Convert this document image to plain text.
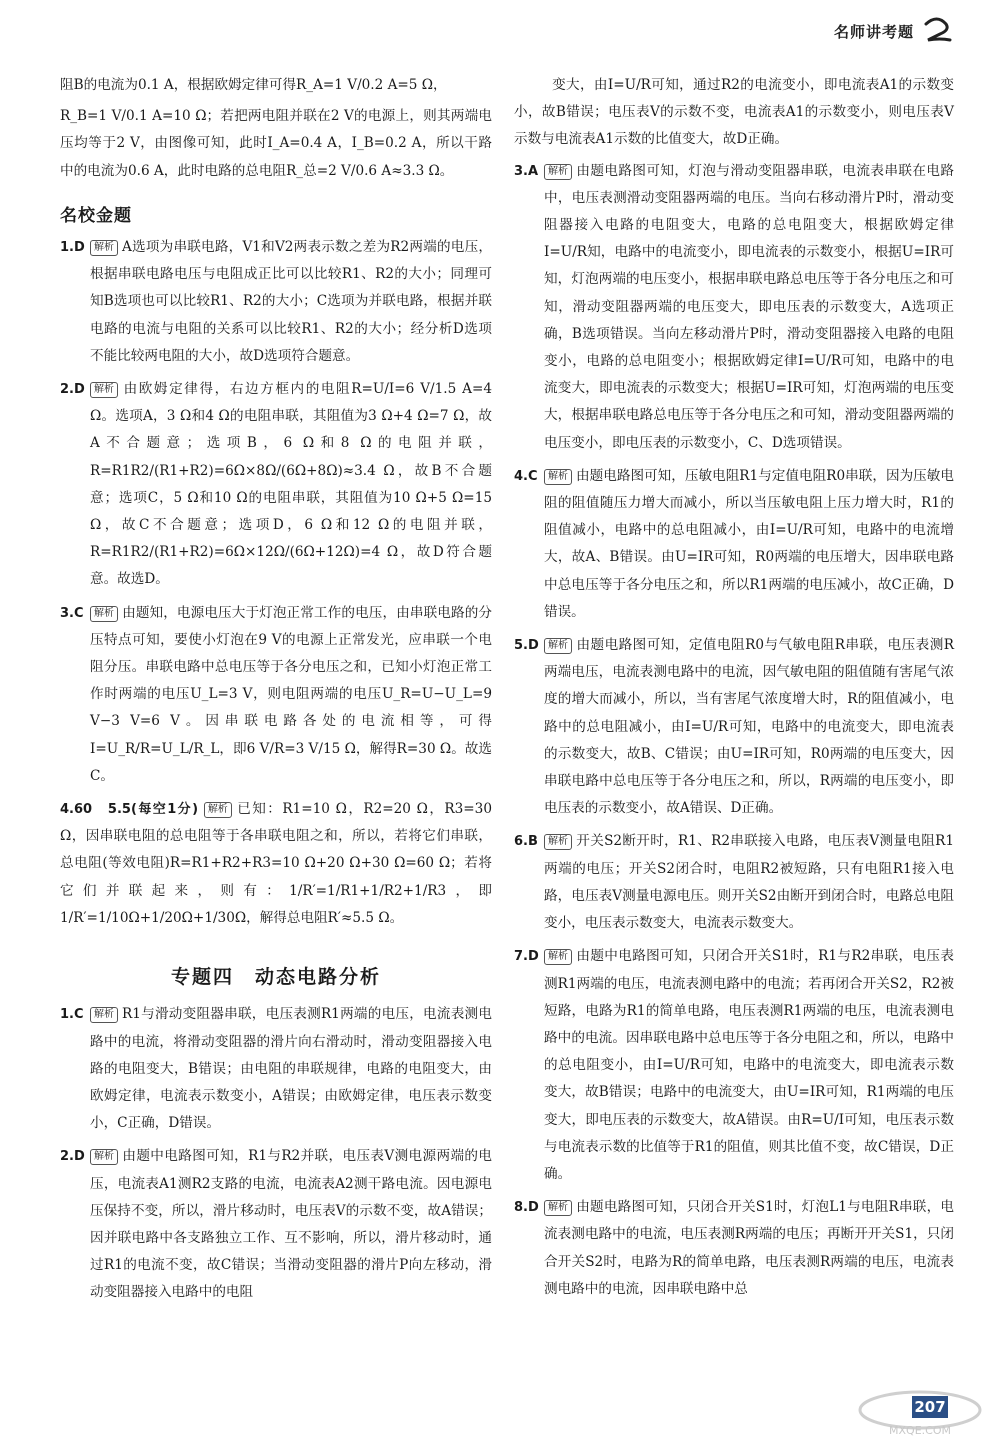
名师讲考题

阻B的电流为0.1 A，根据欧姆定律可得R_A=1 V/0.2 A=5 Ω，

R_B=1 V/0.1 A=10 Ω；若把两电阻并联在2 V的电源上，则其两端电压均等于2 V，由图像可知，此时I_A=0.4 A，I_B=0.2 A，所以干路中的电流为0.6 A，此时电路的总电阻R_总=2 V/0.6 A≈3.3 Ω。

名校金题
1.D 解析 A选项为串联电路，V1和V2两表示数之差为R2两端的电压，根据串联电路电压与电阻成正比可以比较R1、R2的大小；同理可知B选项也可以比较R1、R2的大小；C选项为并联电路，根据并联电路的电流与电阻的关系可以比较R1、R2的大小；经分析D选项不能比较两电阻的大小，故D选项符合题意。
2.D 解析 由欧姆定律得，右边方框内的电阻R=U/I=6 V/1.5 A=4 Ω。选项A，3 Ω和4 Ω的电阻串联，其阻值为3 Ω+4 Ω=7 Ω，故A不合题意；选项B，6 Ω和8 Ω的电阻并联，R=R1R2/(R1+R2)=6Ω×8Ω/(6Ω+8Ω)≈3.4 Ω，故B不合题意；选项C，5 Ω和10 Ω的电阻串联，其阻值为10 Ω+5 Ω=15 Ω，故C不合题意；选项D，6 Ω和12 Ω的电阻并联，R=R1R2/(R1+R2)=6Ω×12Ω/(6Ω+12Ω)=4 Ω，故D符合题意。故选D。
3.C 解析 由题知，电源电压大于灯泡正常工作的电压，由串联电路的分压特点可知，要使小灯泡在9 V的电源上正常发光，应串联一个电阻分压。串联电路中总电压等于各分电压之和，已知小灯泡正常工作时两端的电压U_L=3 V，则电阻两端的电压U_R=U−U_L=9 V−3 V=6 V。因串联电路各处的电流相等，可得I=U_R/R=U_L/R_L，即6 V/R=3 V/15 Ω，解得R=30 Ω。故选C。
4.60　5.5(每空1分) 解析 已知：R1=10 Ω，R2=20 Ω，R3=30 Ω，因串联电阻的总电阻等于各串联电阻之和，所以，若将它们串联，总电阻(等效电阻)R=R1+R2+R3=10 Ω+20 Ω+30 Ω=60 Ω；若将它们并联起来，则有：1/R′=1/R1+1/R2+1/R3，即1/R′=1/10Ω+1/20Ω+1/30Ω，解得总电阻R′≈5.5 Ω。
专题四　动态电路分析
1.C 解析 R1与滑动变阻器串联，电压表测R1两端的电压，电流表测电路中的电流，将滑动变阻器的滑片向右滑动时，滑动变阻器接入电路的电阻变大，B错误；由电阻的串联规律，电路的电阻变大，由欧姆定律，电流表示数变小，A错误；由欧姆定律，电压表示数变小，C正确，D错误。
2.D 解析 由题中电路图可知，R1与R2并联，电压表V测电源两端的电压，电流表A1测R2支路的电流，电流表A2测干路电流。因电源电压保持不变，所以，滑片移动时，电压表V的示数不变，故A错误；因并联电路中各支路独立工作、互不影响，所以，滑片移动时，通过R1的电流不变，故C错误；当滑动变阻器的滑片P向左移动，滑动变阻器接入电路中的电阻

变大，由I=U/R可知，通过R2的电流变小，即电流表A1的示数变小，故B错误；电压表V的示数不变，电流表A1的示数变小，则电压表V示数与电流表A1示数的比值变大，故D正确。

3.A 解析 由题电路图可知，灯泡与滑动变阻器串联，电流表串联在电路中，电压表测滑动变阻器两端的电压。当向右移动滑片P时，滑动变阻器接入电路的电阻变大，电路的总电阻变大，根据欧姆定律I=U/R知，电路中的电流变小，即电流表的示数变小，根据U=IR可知，灯泡两端的电压变小，根据串联电路总电压等于各分电压之和可知，滑动变阻器两端的电压变大，即电压表的示数变大，A选项正确，B选项错误。当向左移动滑片P时，滑动变阻器接入电路的电阻变小，电路的总电阻变小；根据欧姆定律I=U/R可知，电路中的电流变大，即电流表的示数变大；根据U=IR可知，灯泡两端的电压变大，根据串联电路总电压等于各分电压之和可知，滑动变阻器两端的电压变小，即电压表的示数变小，C、D选项错误。
4.C 解析 由题电路图可知，压敏电阻R1与定值电阻R0串联，因为压敏电阻的阻值随压力增大而减小，所以当压敏电阻上压力增大时，R1的阻值减小，电路中的总电阻减小，由I=U/R可知，电路中的电流增大，故A、B错误。由U=IR可知，R0两端的电压增大，因串联电路中总电压等于各分电压之和，所以R1两端的电压减小，故C正确，D错误。
5.D 解析 由题电路图可知，定值电阻R0与气敏电阻R串联，电压表测R两端电压，电流表测电路中的电流，因气敏电阻的阻值随有害尾气浓度的增大而减小，所以，当有害尾气浓度增大时，R的阻值减小，电路中的总电阻减小，由I=U/R可知，电路中的电流变大，即电流表的示数变大，故B、C错误；由U=IR可知，R0两端的电压变大，因串联电路中总电压等于各分电压之和，所以，R两端的电压变小，即电压表的示数变小，故A错误、D正确。
6.B 解析 开关S2断开时，R1、R2串联接入电路，电压表V测量电阻R1两端的电压；开关S2闭合时，电阻R2被短路，只有电阻R1接入电路，电压表V测量电源电压。则开关S2由断开到闭合时，电路总电阻变小，电压表示数变大，电流表示数变大。
7.D 解析 由题中电路图可知，只闭合开关S1时，R1与R2串联，电压表测R1两端的电压，电流表测电路中的电流；若再闭合开关S2，R2被短路，电路为R1的简单电路，电压表测R1两端的电压，电流表测电路中的电流。因串联电路中总电压等于各分电阻之和，所以，电路中的总电阻变小，由I=U/R可知，电路中的电流变大，即电流表示数变大，故B错误；电路中的电流变大，由U=IR可知，R1两端的电压变大，即电压表的示数变大，故A错误。由R=U/I可知，电压表示数与电流表示数的比值等于R1的阻值，则其比值不变，故C错误，D正确。
8.D 解析 由题电路图可知，只闭合开关S1时，灯泡L1与电阻R串联，电流表测电路中的电流，电压表测R两端的电压；再断开开关S1，只闭合开关S2时，电路为R的简单电路，电压表测R两端的电压，电流表测电路中的电流，因串联电路中总
MXQE.COM
207
